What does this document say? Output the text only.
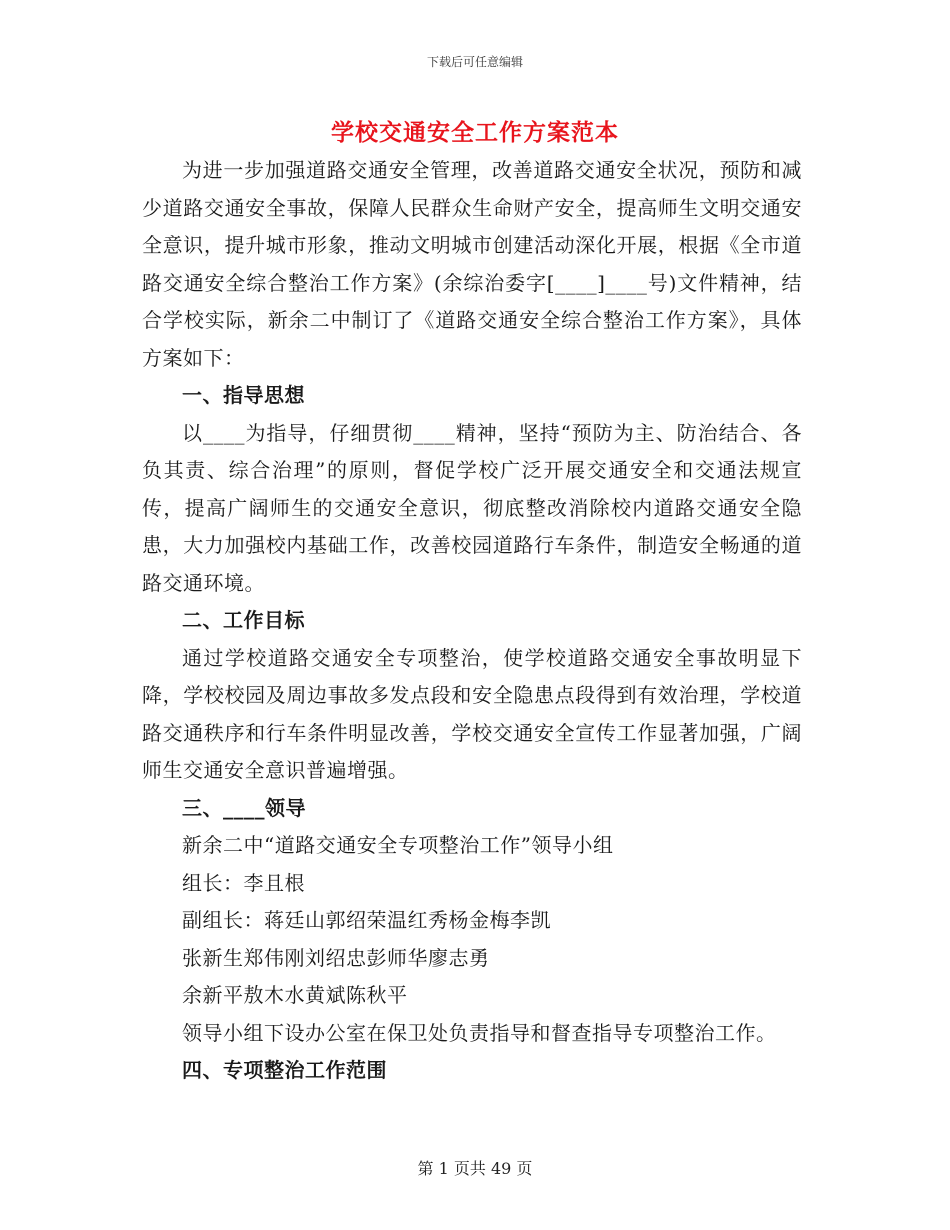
下载后可任意编辑
学校交通安全工作方案范本

为进一步加强道路交通安全管理，改善道路交通安全状况，预防和减少道路交通安全事故，保障人民群众生命财产安全，提高师生文明交通安全意识，提升城市形象，推动文明城市创建活动深化开展，根据《全市道路交通安全综合整治工作方案》(余综治委字[____]____号)文件精神，结合学校实际，新余二中制订了《道路交通安全综合整治工作方案》，具体方案如下：

一、指导思想

以____为指导，仔细贯彻____精神，坚持“预防为主、防治结合、各负其责、综合治理”的原则，督促学校广泛开展交通安全和交通法规宣传，提高广阔师生的交通安全意识，彻底整改消除校内道路交通安全隐患，大力加强校内基础工作，改善校园道路行车条件，制造安全畅通的道路交通环境。

二、工作目标

通过学校道路交通安全专项整治，使学校道路交通安全事故明显下降，学校校园及周边事故多发点段和安全隐患点段得到有效治理，学校道路交通秩序和行车条件明显改善，学校交通安全宣传工作显著加强，广阔师生交通安全意识普遍增强。

三、____领导

新余二中“道路交通安全专项整治工作”领导小组

组长：李且根

副组长：蒋廷山郭绍荣温红秀杨金梅李凯

张新生郑伟刚刘绍忠彭师华廖志勇

余新平敖木水黄斌陈秋平

领导小组下设办公室在保卫处负责指导和督查指导专项整治工作。

四、专项整治工作范围

第 1 页共 49 页
